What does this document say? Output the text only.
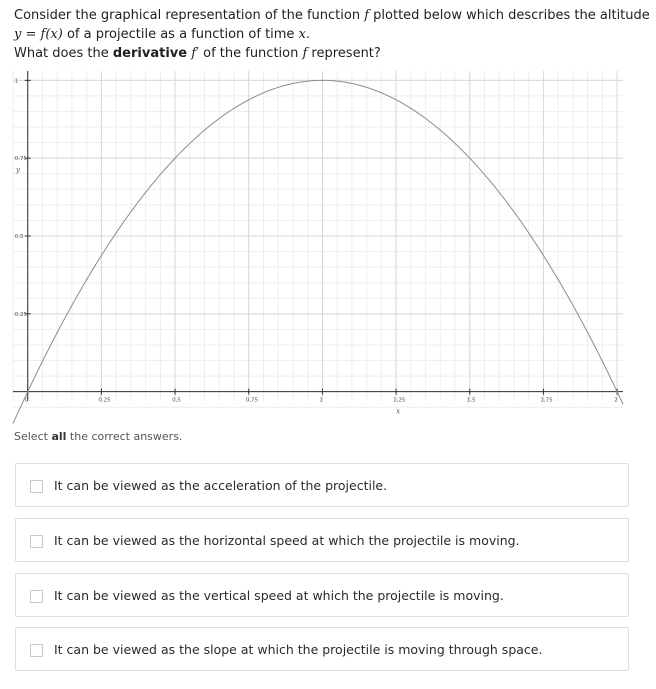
Consider the graphical representation of the function f plotted below which describes the altitude
y = f(x) of a projectile as a function of time x.
What does the derivative f′ of the function f represent?
0	0,25	0,5	0,75	1	1,25	1,5	1,75	2
0,25
0,5
0,75
1
x
y
Select all the correct answers.
It can be viewed as the acceleration of the projectile.
It can be viewed as the horizontal speed at which the projectile is moving.
It can be viewed as the vertical speed at which the projectile is moving.
It can be viewed as the slope at which the projectile is moving through space.
